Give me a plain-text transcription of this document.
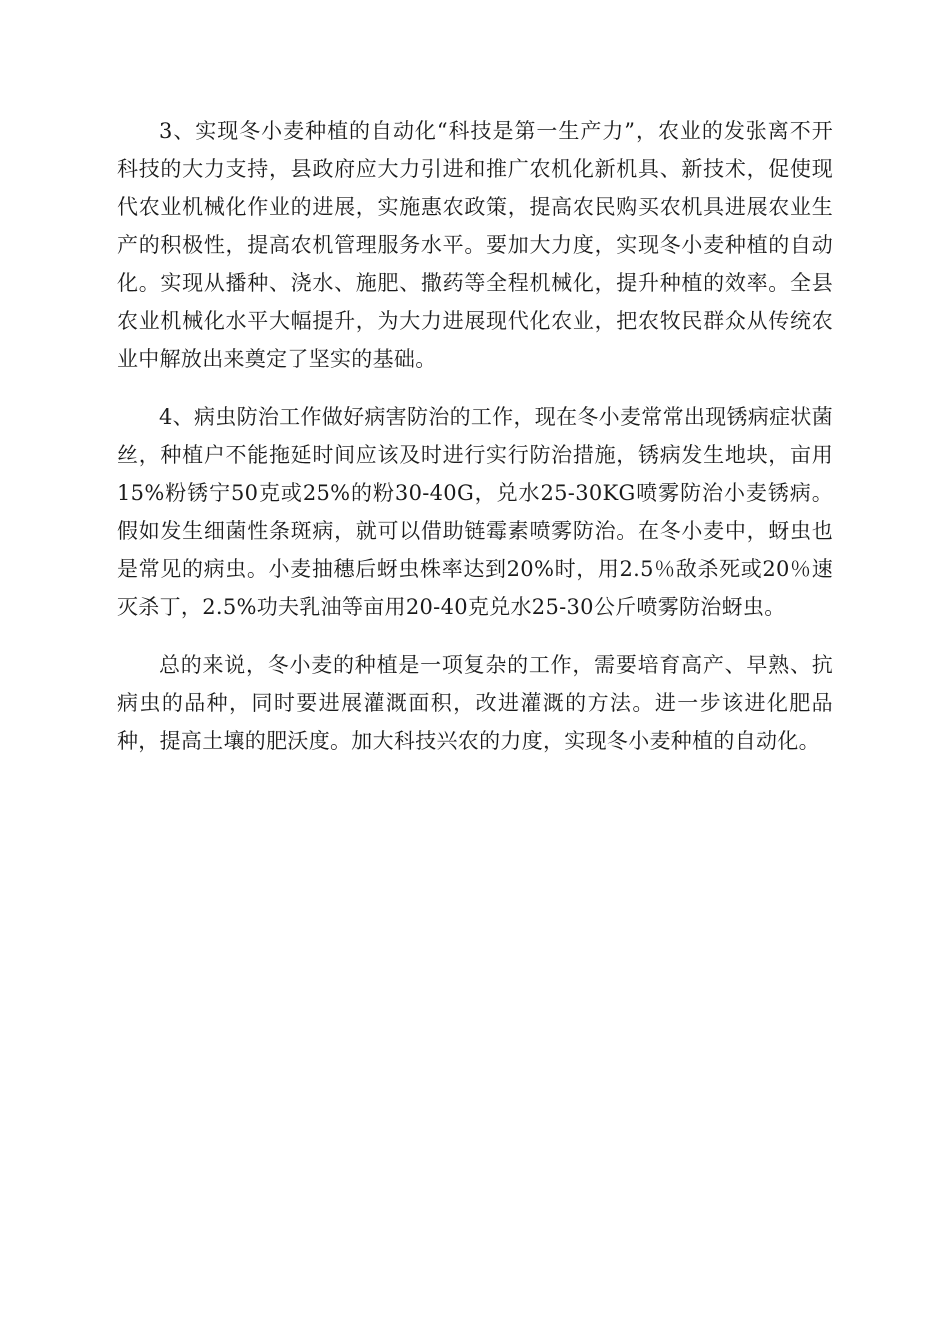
3、实现冬小麦种植的自动化“科技是第一生产力”，农业的发张离不开科技的大力支持，县政府应大力引进和推广农机化新机具、新技术，促使现代农业机械化作业的进展，实施惠农政策，提高农民购买农机具进展农业生产的积极性，提高农机管理服务水平。要加大力度，实现冬小麦种植的自动化。实现从播种、浇水、施肥、撒药等全程机械化，提升种植的效率。全县农业机械化水平大幅提升，为大力进展现代化农业，把农牧民群众从传统农业中解放出来奠定了坚实的基础。

4、病虫防治工作做好病害防治的工作，现在冬小麦常常出现锈病症状菌丝，种植户不能拖延时间应该及时进行实行防治措施，锈病发生地块，亩用15%粉锈宁50克或25%的粉30-40G，兑水25-30KG喷雾防治小麦锈病。假如发生细菌性条斑病，就可以借助链霉素喷雾防治。在冬小麦中，蚜虫也是常见的病虫。小麦抽穗后蚜虫株率达到20%时，用2.5％敌杀死或20％速灭杀丁，2.5%功夫乳油等亩用20-40克兑水25-30公斤喷雾防治蚜虫。

总的来说，冬小麦的种植是一项复杂的工作，需要培育高产、早熟、抗病虫的品种，同时要进展灌溉面积，改进灌溉的方法。进一步该进化肥品种，提高土壤的肥沃度。加大科技兴农的力度，实现冬小麦种植的自动化。
